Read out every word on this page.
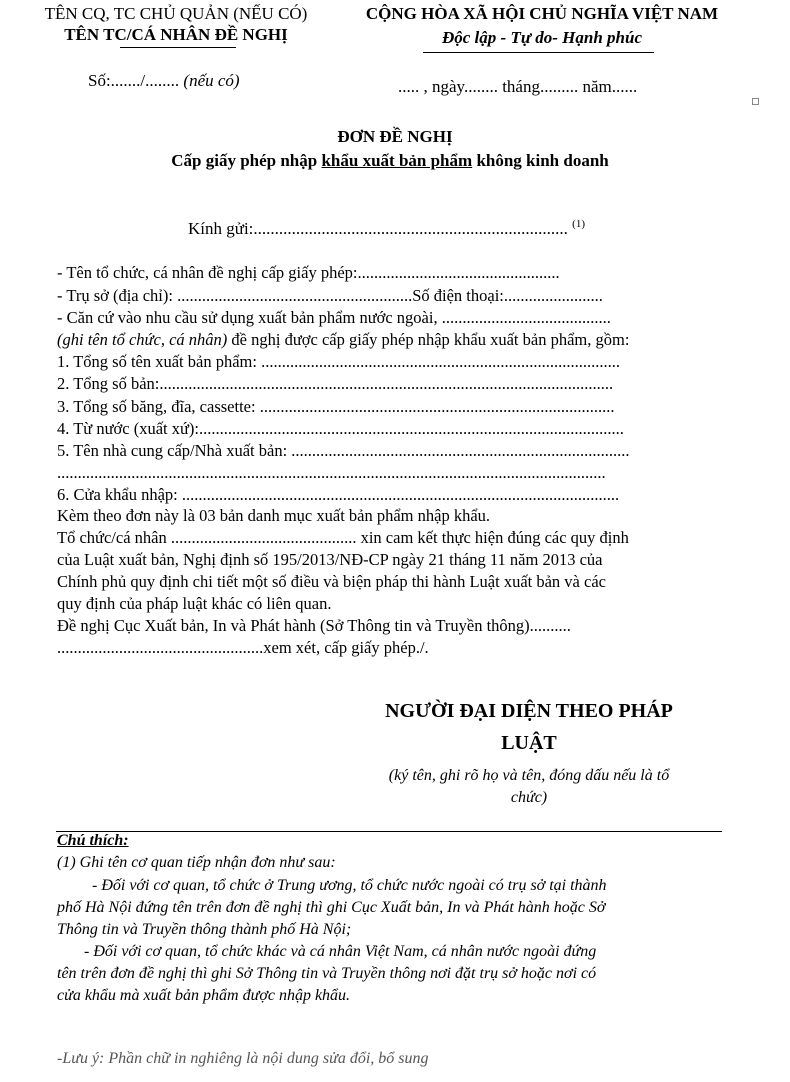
TÊN CQ, TC CHỦ QUẢN (NẾU CÓ)
TÊN TC/CÁ NHÂN ĐỀ NGHỊ
Số:......./........ (nếu có)
CỘNG HÒA XÃ HỘI CHỦ NGHĨA VIỆT NAM
Độc lập - Tự do- Hạnh phúc
..... , ngày........ tháng......... năm......
ĐƠN ĐỀ NGHỊ
Cấp giấy phép nhập khẩu xuất bản phẩm không kinh doanh
Kính gửi:.......................................................................... $^{(1)}$
- Tên tổ chức, cá nhân đề nghị cấp giấy phép:.................................................
- Trụ sở (địa chỉ): .........................................................Số điện thoại:........................
- Căn cứ vào nhu cầu sử dụng xuất bản phẩm nước ngoài, .........................................
(ghi tên tổ chức, cá nhân) đề nghị được cấp giấy phép nhập khẩu xuất bản phẩm, gồm:
1. Tổng số tên xuất bản phẩm: .......................................................................................
2. Tổng số bản:..............................................................................................................
3. Tổng số băng, đĩa, cassette: ......................................................................................
4. Từ nước (xuất xứ):.......................................................................................................
5. Tên nhà cung cấp/Nhà xuất bản: ..................................................................................
.....................................................................................................................................
6. Cửa khẩu nhập: ..........................................................................................................
Kèm theo đơn này là 03 bản danh mục xuất bản phẩm nhập khẩu.
Tổ chức/cá nhân ............................................. xin cam kết thực hiện đúng các quy định
của Luật xuất bản, Nghị định số 195/2013/NĐ-CP ngày 21 tháng 11 năm 2013 của
Chính phủ quy định chi tiết một số điều và biện pháp thi hành Luật xuất bản và các
quy định của pháp luật khác có liên quan.
Đề nghị Cục Xuất bản, In và Phát hành (Sở Thông tin và Truyền thông)..........
..................................................xem xét, cấp giấy phép./.
NGƯỜI ĐẠI DIỆN THEO PHÁP
LUẬT
(ký tên, ghi rõ họ và tên, đóng dấu nếu là tổ
chức)
Chú thích:
(1) Ghi tên cơ quan tiếp nhận đơn như sau:
- Đối với cơ quan, tổ chức ở Trung ương, tổ chức nước ngoài có trụ sở tại thành
phố Hà Nội đứng tên trên đơn đề nghị thì ghi Cục Xuất bản, In và Phát hành hoặc Sở
Thông tin và Truyền thông thành phố Hà Nội;
- Đối với cơ quan, tổ chức khác và cá nhân Việt Nam, cá nhân nước ngoài đứng
tên trên đơn đề nghị thì ghi Sở Thông tin và Truyền thông nơi đặt trụ sở hoặc nơi có
cửa khẩu mà xuất bản phẩm được nhập khẩu.
-Lưu ý: Phần chữ in nghiêng là nội dung sửa đổi, bổ sung
